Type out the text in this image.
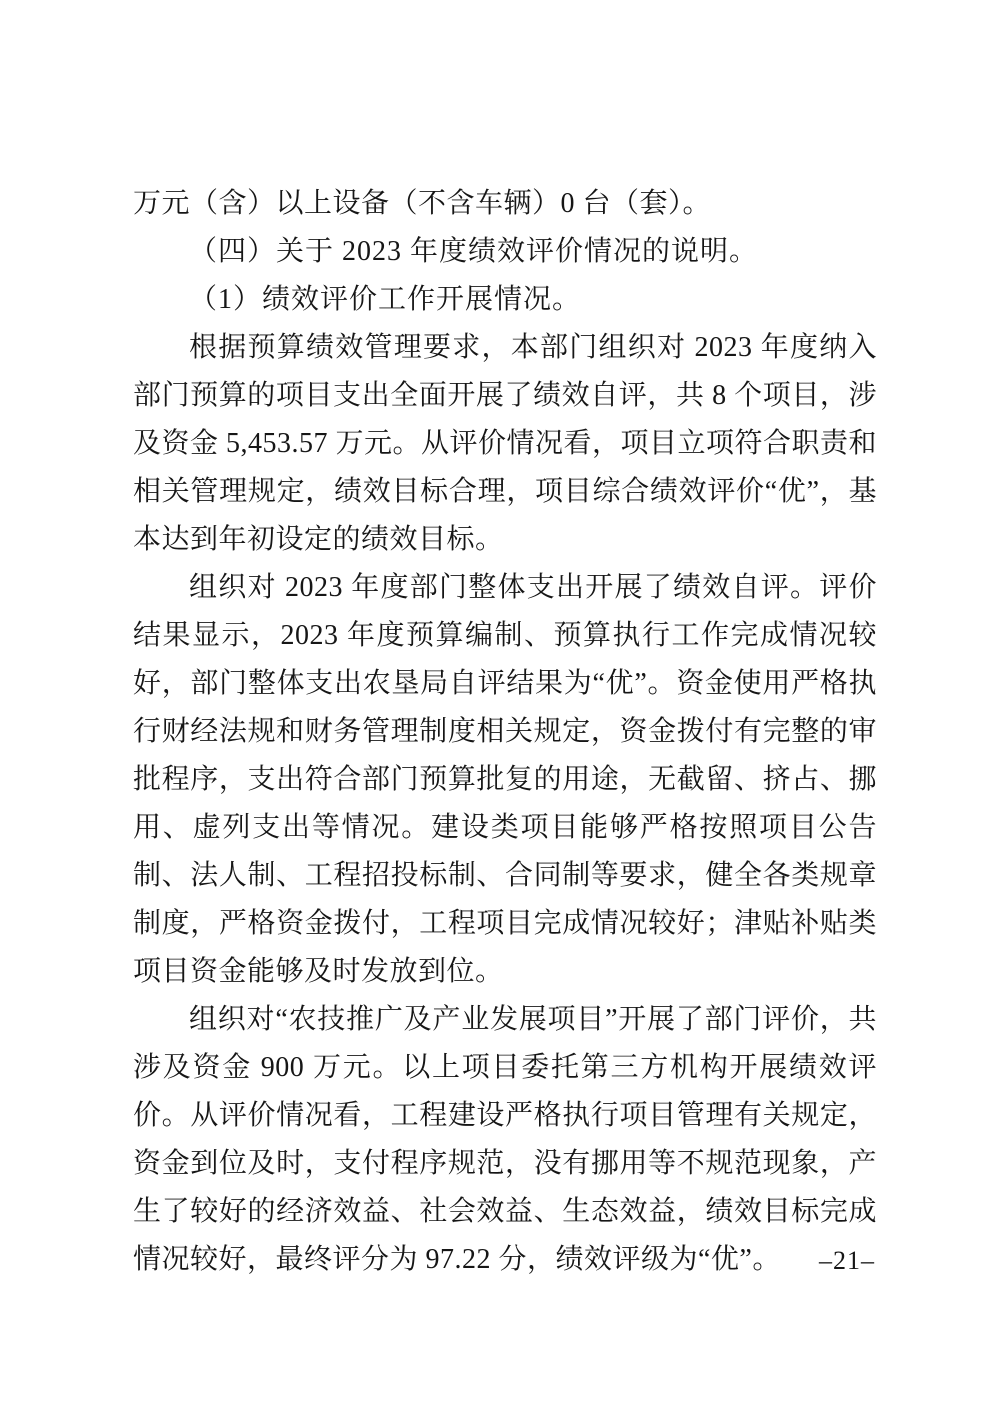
万元（含）以上设备（不含车辆）0 台（套）。

（四）关于 2023 年度绩效评价情况的说明。

（1）绩效评价工作开展情况。

根据预算绩效管理要求，本部门组织对 2023 年度纳入部门预算的项目支出全面开展了绩效自评，共 8 个项目，涉及资金 5,453.57 万元。从评价情况看，项目立项符合职责和相关管理规定，绩效目标合理，项目综合绩效评价“优”，基本达到年初设定的绩效目标。

组织对 2023 年度部门整体支出开展了绩效自评。评价结果显示，2023 年度预算编制、预算执行工作完成情况较好，部门整体支出农垦局自评结果为“优”。资金使用严格执行财经法规和财务管理制度相关规定，资金拨付有完整的审批程序，支出符合部门预算批复的用途，无截留、挤占、挪用、虚列支出等情况。建设类项目能够严格按照项目公告制、法人制、工程招投标制、合同制等要求，健全各类规章制度，严格资金拨付，工程项目完成情况较好；津贴补贴类项目资金能够及时发放到位。

组织对“农技推广及产业发展项目”开展了部门评价，共涉及资金 900 万元。以上项目委托第三方机构开展绩效评价。从评价情况看，工程建设严格执行项目管理有关规定，资金到位及时，支付程序规范，没有挪用等不规范现象，产生了较好的经济效益、社会效益、生态效益，绩效目标完成情况较好，最终评分为 97.22 分，绩效评级为“优”。	–21–
